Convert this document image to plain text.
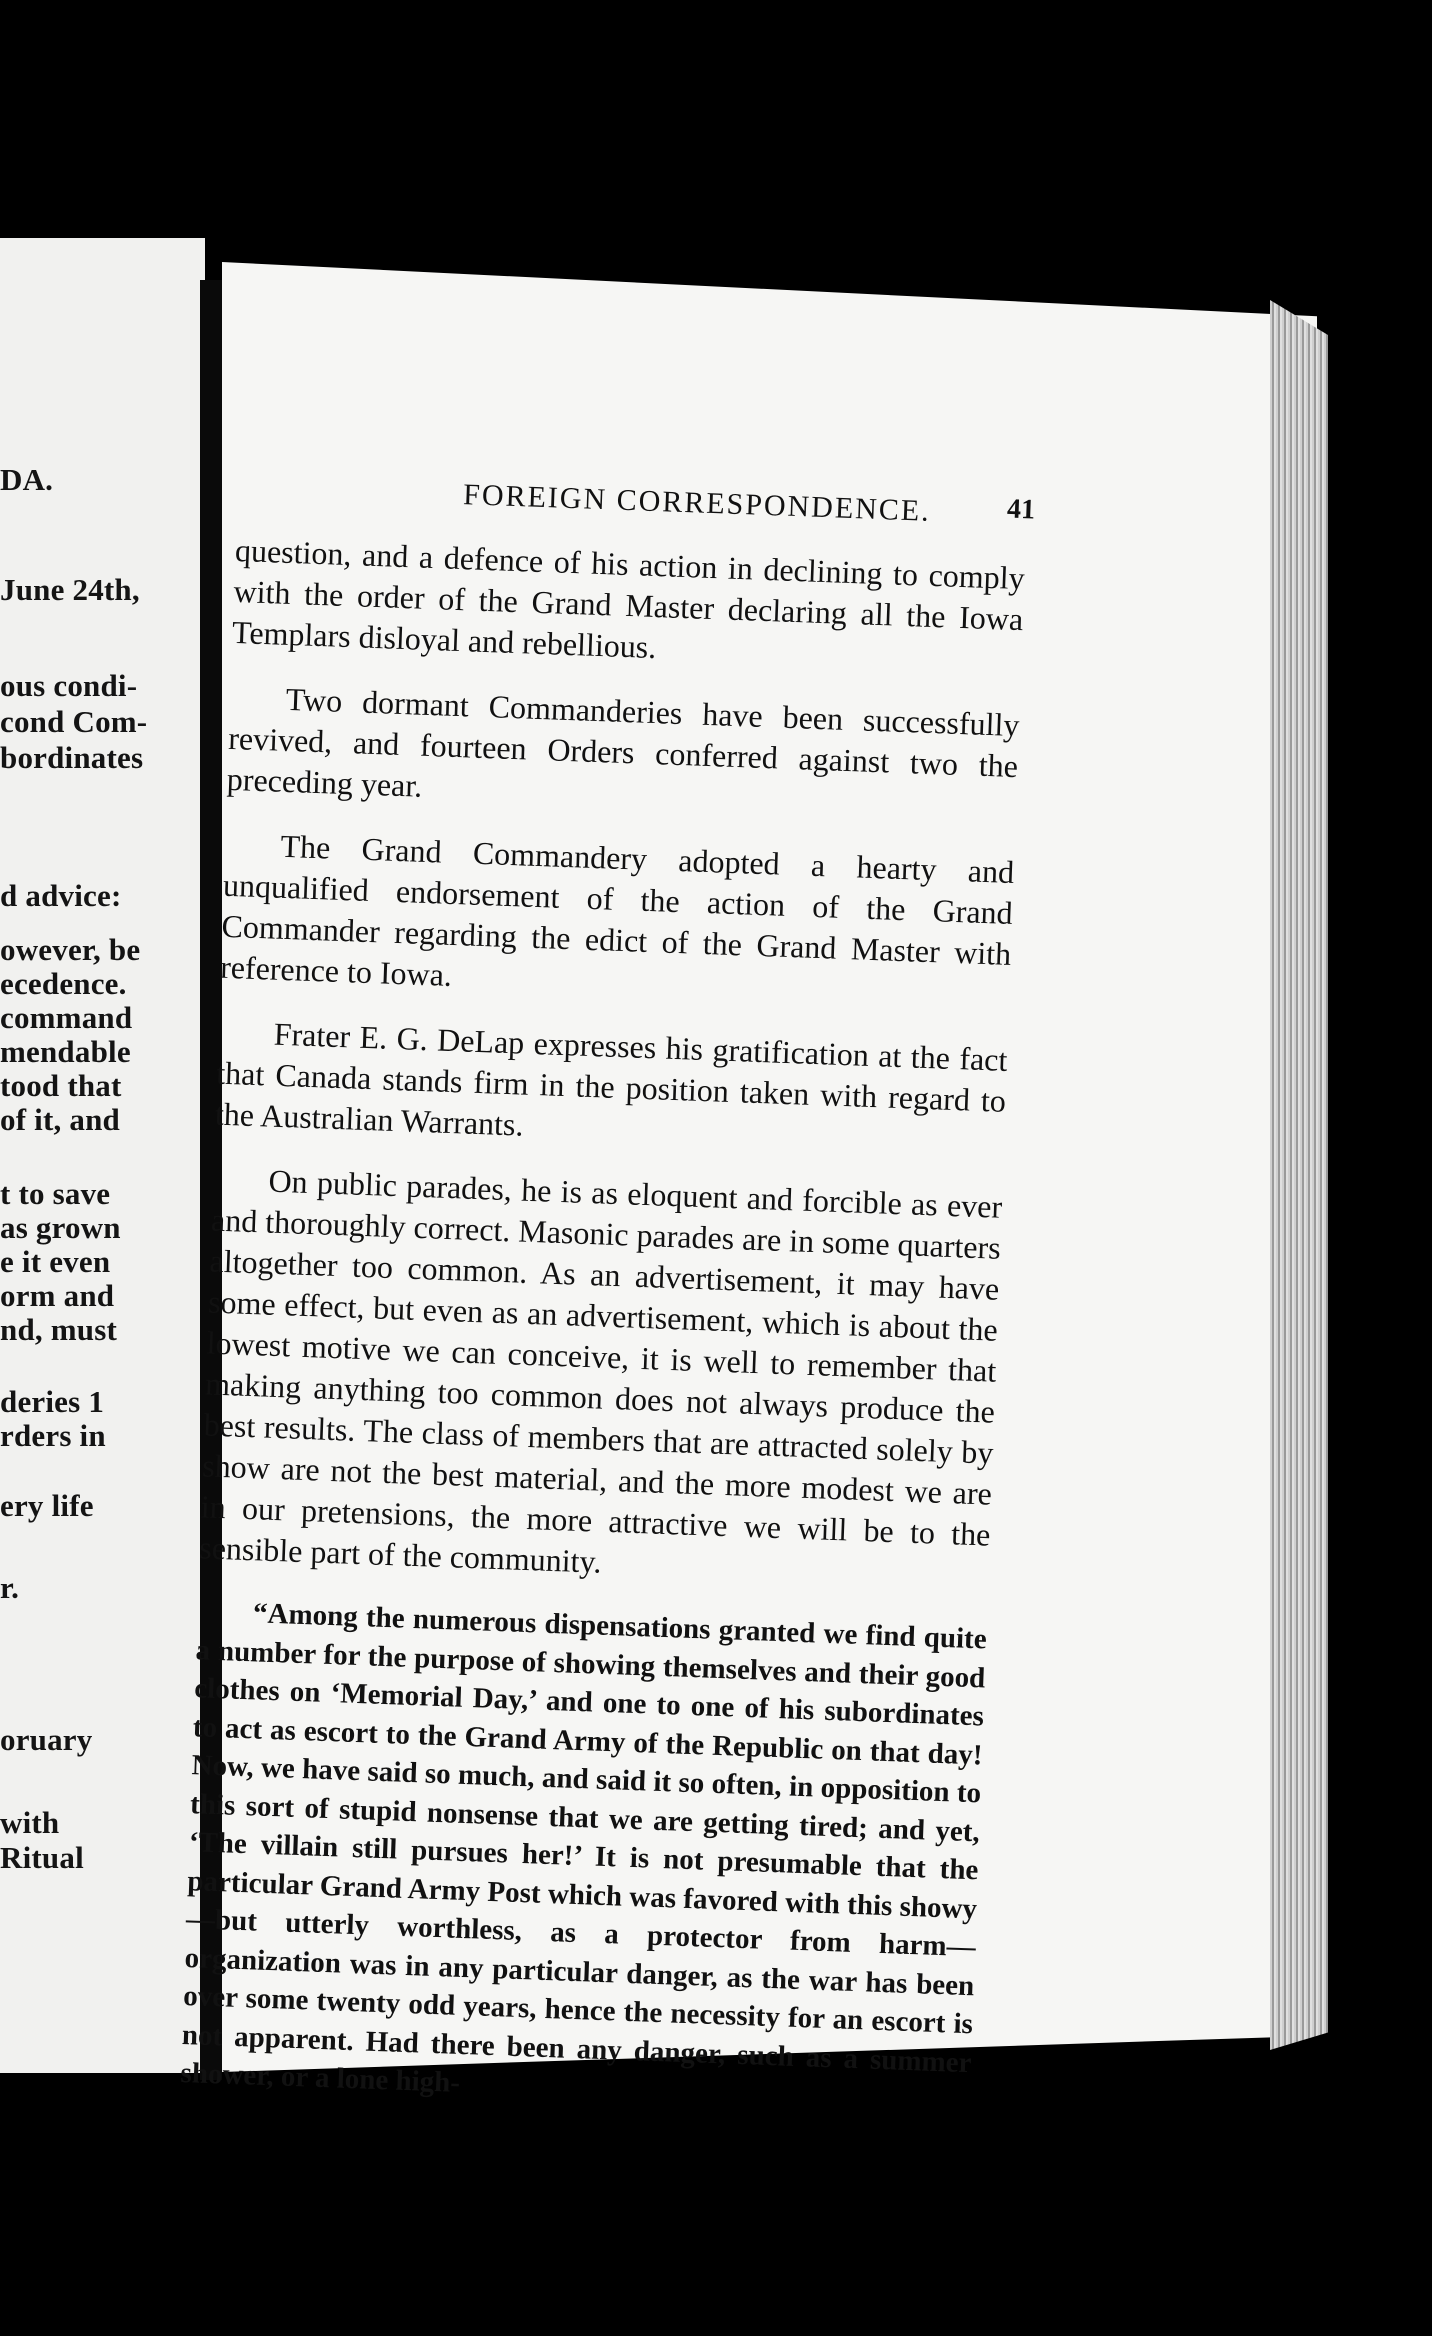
DA.
June 24th,
ous condi-
cond Com-
bordinates
d advice:
owever, be
ecedence.
command
mendable
tood that
of it, and
t to save
as grown
e it even
orm and
nd, must
deries 1
rders in
ery life
r.
oruary
with
Ritual
FOREIGN CORRESPONDENCE.	41

question, and a defence of his action in declining to comply with the order of the Grand Master declaring all the Iowa Templars disloyal and rebellious.

Two dormant Commanderies have been successfully revived, and fourteen Orders conferred against two the preceding year.

The Grand Commandery adopted a hearty and unqualified endorsement of the action of the Grand Commander regarding the edict of the Grand Master with reference to Iowa.

Frater E. G. DeLap expresses his gratification at the fact that Canada stands firm in the position taken with regard to the Australian Warrants.

On public parades, he is as eloquent and forcible as ever and thoroughly correct. Masonic parades are in some quarters altogether too common. As an advertisement, it may have some effect, but even as an advertisement, which is about the lowest motive we can conceive, it is well to remember that making anything too common does not always produce the best results. The class of members that are attracted solely by show are not the best material, and the more modest we are in our pretensions, the more attractive we will be to the sensible part of the community.

“Among the numerous dispensations granted we find quite a number for the purpose of showing themselves and their good clothes on ‘Memorial Day,’ and one to one of his subordinates to act as escort to the Grand Army of the Republic on that day! Now, we have said so much, and said it so often, in opposition to this sort of stupid nonsense that we are getting tired; and yet, ‘The villain still pursues her!’ It is not presumable that the particular Grand Army Post which was favored with this showy—but utterly worthless, as a protector from harm—organization was in any particular danger, as the war has been over some twenty odd years, hence the necessity for an escort is not apparent. Had there been any danger, such as a summer shower, or a lone high-
